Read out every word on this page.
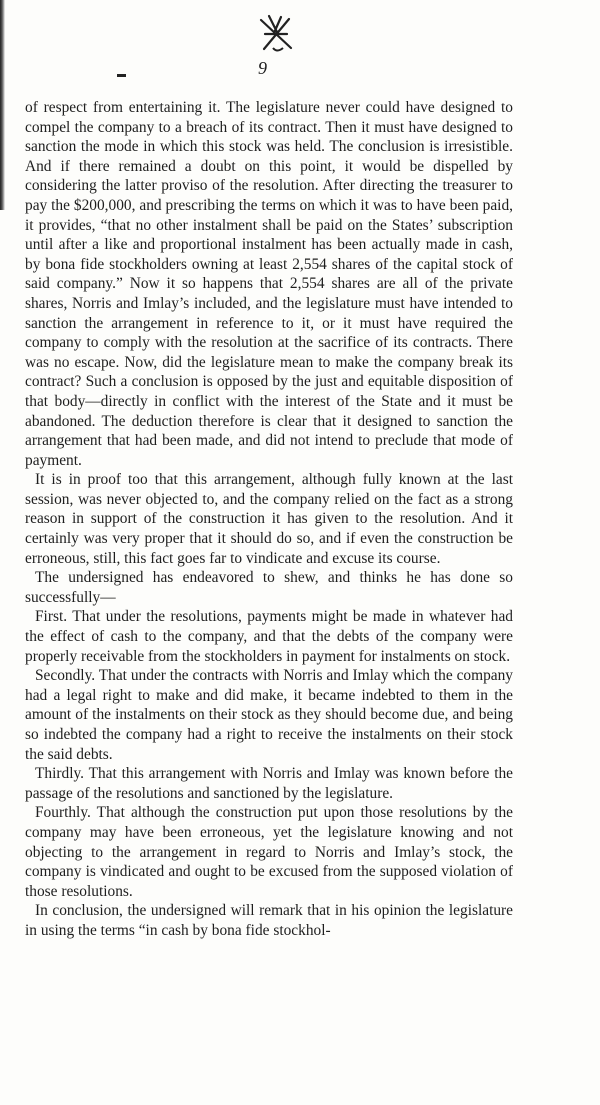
9

of respect from entertaining it. The legislature never could have designed to compel the company to a breach of its contract. Then it must have designed to sanction the mode in which this stock was held. The conclusion is irresistible. And if there remained a doubt on this point, it would be dispelled by considering the latter proviso of the resolution. After directing the treasurer to pay the $200,000, and prescribing the terms on which it was to have been paid, it provides, “that no other instalment shall be paid on the States’ subscription until after a like and proportional instalment has been actually made in cash, by bona fide stockholders owning at least 2,554 shares of the capital stock of said company.” Now it so happens that 2,554 shares are all of the private shares, Norris and Imlay’s included, and the legislature must have intended to sanction the arrangement in reference to it, or it must have required the company to comply with the resolution at the sacrifice of its contracts. There was no escape. Now, did the legislature mean to make the company break its contract? Such a conclusion is opposed by the just and equitable disposition of that body—directly in conflict with the interest of the State and it must be abandoned. The deduction therefore is clear that it designed to sanction the arrangement that had been made, and did not intend to preclude that mode of payment.

It is in proof too that this arrangement, although fully known at the last session, was never objected to, and the company relied on the fact as a strong reason in support of the construction it has given to the resolution. And it certainly was very proper that it should do so, and if even the construction be erroneous, still, this fact goes far to vindicate and excuse its course.

The undersigned has endeavored to shew, and thinks he has done so successfully—

First. That under the resolutions, payments might be made in whatever had the effect of cash to the company, and that the debts of the company were properly receivable from the stockholders in payment for instalments on stock.

Secondly. That under the contracts with Norris and Imlay which the company had a legal right to make and did make, it became indebted to them in the amount of the instalments on their stock as they should become due, and being so indebted the company had a right to receive the instalments on their stock the said debts.

Thirdly. That this arrangement with Norris and Imlay was known before the passage of the resolutions and sanctioned by the legislature.

Fourthly. That although the construction put upon those resolutions by the company may have been erroneous, yet the legislature knowing and not objecting to the arrangement in regard to Norris and Imlay’s stock, the company is vindicated and ought to be excused from the supposed violation of those resolutions.

In conclusion, the undersigned will remark that in his opinion the legislature in using the terms “in cash by bona fide stockhol-
